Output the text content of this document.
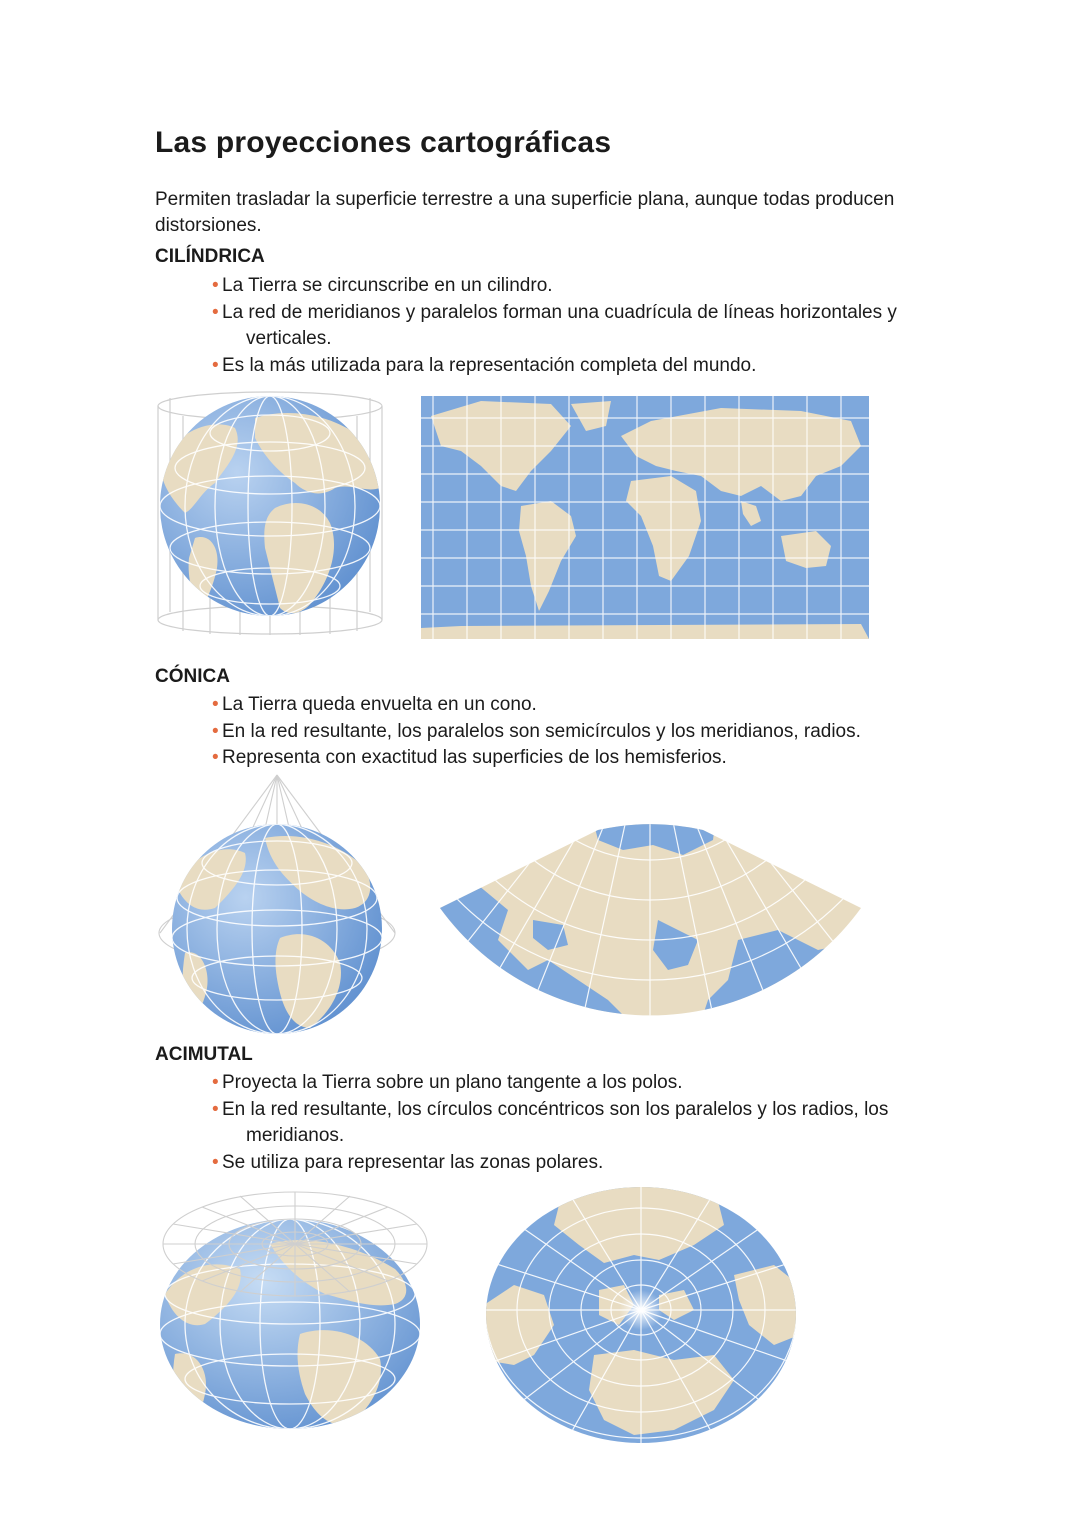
Las proyecciones cartográficas

Permiten trasladar la superficie terrestre a una superficie plana, aunque todas producen distorsiones.

CILÍNDRICA
• La Tierra se circunscribe en un cilindro.
• La red de meridianos y paralelos forman una cuadrícula de líneas horizontales y
verticales.
• Es la más utilizada para la representación completa del mundo.
CÓNICA
• La Tierra queda envuelta en un cono.
• En la red resultante, los paralelos son semicírculos y los meridianos, radios.
• Representa con exactitud las superficies de los hemisferios.
ACIMUTAL
• Proyecta la Tierra sobre un plano tangente a los polos.
• En la red resultante, los círculos concéntricos son los paralelos y los radios, los
meridianos.
• Se utiliza para representar las zonas polares.
